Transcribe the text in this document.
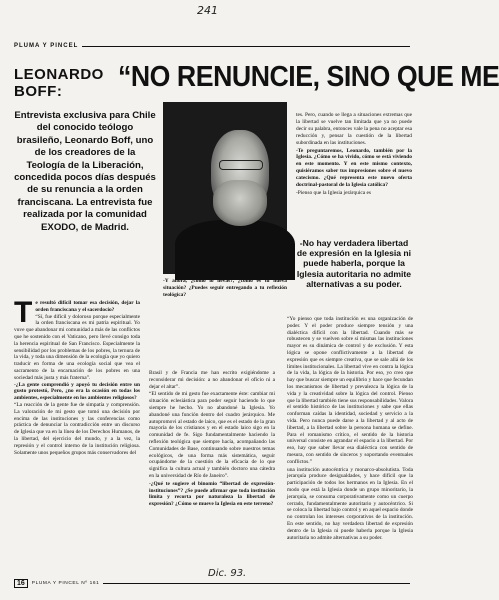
241
PLUMA Y PINCEL
LEONARDO BOFF:	“NO RENUNCIE, SINO QUE ME
Entrevista exclusiva para Chile del conocido teólogo brasileño, Leonardo Boff, uno de los creadores de la Teología de la Liberación, concedida pocos días después de su renuncia a la orden franciscana. La entrevista fue realizada por la comunidad EXODO, de Madrid.

tes. Pero, cuando se llega a situaciones extremas que la libertad se vuelve tan limitada que ya no puede decir su palabra, entonces vale la pena no aceptar esa reducción y, pensar la cuestión de la libertad subordinada en las instituciones.

-Te preguntaremos, Leonardo, también por la Iglesia. ¿Cómo se ha vivido, cómo se está viviendo en este momento. Y en este mismo contexto, quisiéramos saber tus impresiones sobre el nuevo catecismo. ¿Qué representa este nuevo oferta doctrinal-pastoral de la Iglesia católica?

-Pienso que la Iglesia jerárquica es

-No hay verdadera libertad de expresión en la Iglesia ni puede haberla, porque la Iglesia autoritaria no admite alternativas a su poder.
-Y ahora, ¿cómo lo llevas?, ¿cómo es tu nueva situación? ¿Puedes seguir entregando a tu reflexión teológica?
T e resultó difícil tomar esa decisión, dejar la orden franciscana y el sacerdocio?

“Sí, fue difícil y doloroso porque especialmente la orden franciscana es mi patria espiritual. Yo vuve que abandonar mi comunidad a más de las conflictos que he sostenido con el Vaticano, pero llevé consigo toda la herencia espiritual de San Francisco. Especialmente la sensibilidad por los problemas de los pobres, la ternura de la vida, y toda una dimensión de la ecología que yo quiero traducir en forma de una ecología social que vea el sacramento de la encarnación de los pobres en una sociedad más justa y más fraterna”.

-¿La gente comprendió y apoyó tu decisión entre un gusto protestó, Pero, ¿no era la ocasión en todas los ambientes, especialmente en los ambientes religiosos?

“La reacción de la gente fue de simpatía y comprensión. La valoración de mi gesto que tomó una decisión por encima de las instituciones y las conferencias como práctica de denunciar la contradicción entre un discurso de Iglesia que va en la línea de los Derechos Humanos, de la libertad, del ejercicio del mundo, y a la vez, la represión y el control interno de la institución religiosa. Solamente unos pequeños grupos más conservadores del

Brasil y de Francia me han escrito exigiéndome a reconsiderar mi decisión: a no abandonar el oficio ni a dejar el altar”.

“El sentido de mi gesto fue exactamente éste: cambiar mi situación eclesiástica para poder seguir haciendo lo que siempre he hecho. Yo no abandoné la Iglesia. Yo abandoné una función dentro del cuadro jerárquico. Me autopromovi al estado de laico, que es el estado de la gran mayoría de los cristianos y en el estado laico sigo en la comunidad de fe. Sigo fundamentalmente haciendo la reflexión teológica que siempre hacía, acompañando las Comunidades de Base, continuando sobre nuestros temas ecológicos, de una forma más sistemática, seguir ocupándome de la cuestión de la eficacia de lo que significa la cultura actual y también doctoro una cátedra en la universidad de Río de Janeiro”.

-¿Qué te sugiere el binomio “libertad de expresión-instituciones”? ¿Se puede afirmar que toda institución limita y recorta por naturaleza la libertad de expresión? ¿Cómo se mueve la Iglesia en este terreno?

“Yo pienso que toda institución es una organización de poder. Y el poder produce siempre tensión y una dialéctica difícil con la libertad. Cuando más se robustecen y se vuelven sobre sí mismas las instituciones mayor es su dinámica de control y de exclusión. Y esta lógica se opone conflictivamente a la libertad de expresión que es siempre creativa, que se sale allá de los límites institucionales. La libertad vive en contra la lógica de la vida, la lógica de la historia. Por eso, yo creo que hay que buscar siempre un equilibrio y hace que fecundan los mecanismos de libertad y prevalezca la lógica de la vida y la creatividad sobre la lógica del control. Pienso que la libertad también tiene sus responsabilidades. Valora el sentido histórico de las instituciones y sabe que ellas conforman caídas la identidad, sociedad y servicio a la vida. Pero nunca puede darse a la libertad y al acto de libertad, a la libertad sobre la persona humana se define. Para el romanismo crítico, el sentido de la historia universal consiste en agrandar el espacio a la libertad. Por eso, hay que saber llevar esa dialéctica con sentido de mesura, con sentido de sinceros y soportando eventuales conflictos.”

una institución autocéntrica y monarco-absolutista. Toda jerarquía produce desigualdades, y hace difícil que la participación de todos los hermanos en la Iglesia. En el modo que está la Iglesia donde un grupo minoritario, la jerarquía, se consuma corporativamente como un cuerpo cerrado, fundamentalmente autoritario y autocéntrico. Si se coloca la libertad bajo control y en aquel espacio donde no controlan los intereses corporativos de la institución. En este sentido, no hay verdadera libertad de expresión dentro de la Iglesia ni puede haberla porque la Iglesia autoritaria no admite alternativas a su poder.

16	PLUMA Y PINCEL Nº 161
Dic. 93.
